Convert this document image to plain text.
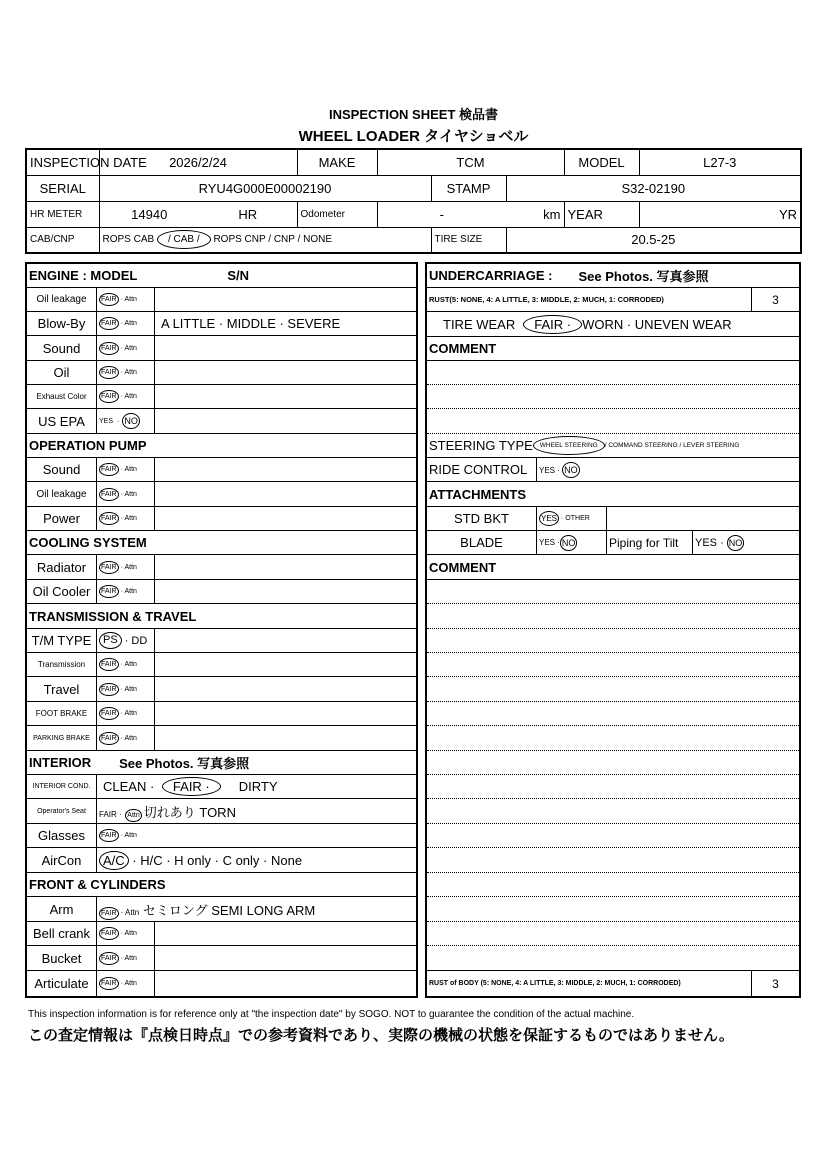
INSPECTION SHEET 検品書
WHEEL LOADER タイヤショベル
INSPECTION DATE	2026/2/24		MAKE	TCM			MODEL	L27-3
SERIAL	RYU4G000E00002190				STAMP	S32-02190		
HR METER	14940	HR	Odometer	-		km	YEAR	YR
CAB/CNP	ROPS CAB / CAB / ROPS CNP / CNP / NONE				TIRE SIZE	20.5-25		
ENGINE : MODEL	S/N
Oil leakage	FAIR · Attn
Blow-By	FAIR · Attn	A LITTLE · MIDDLE · SEVERE
Sound	FAIR · Attn
Oil	FAIR · Attn
Exhaust Color	FAIR · Attn
US EPA	YES · NO
OPERATION PUMP
Sound	FAIR · Attn
Oil leakage	FAIR · Attn
Power	FAIR · Attn
COOLING SYSTEM
Radiator	FAIR · Attn
Oil Cooler	FAIR · Attn
TRANSMISSION & TRAVEL
T/M TYPE	PS · DD
Transmission	FAIR · Attn
Travel	FAIR · Attn
FOOT BRAKE	FAIR · Attn
PARKING BRAKE	FAIR · Attn
INTERIOR See Photos. 写真参照
INTERIOR COND. CLEAN · FAIR · DIRTY
Operator's Seat	FAIR · Attn 切れあり TORN
Glasses	FAIR · Attn
AirCon	A/C · H/C · H only · C only · None
FRONT & CYLINDERS
Arm	FAIR · Attn セミロング SEMI LONG ARM
Bell crank	FAIR · Attn
Bucket	FAIR · Attn
Articulate	FAIR · Attn
UNDERCARRIAGE : See Photos. 写真参照
RUST(5: NONE, 4: A LITTLE, 3: MIDDLE, 2: MUCH, 1: CORRODED)	3
TIRE WEAR	FAIR · WORN · UNEVEN WEAR
COMMENT
STEERING TYPE	WHEEL STEERING	/ COMMAND STEERING / LEVER STEERING
RIDE CONTROL	YES · NO
ATTACHMENTS
STD BKT	YES · OTHER
BLADE	YES · NO	Piping for Tilt	YES · NO
COMMENT
RUST of BODY (5: NONE, 4: A LITTLE, 3: MIDDLE, 2: MUCH, 1: CORRODED)	3
This inspection information is for reference only at "the inspection date" by SOGO. NOT to guarantee the condition of the actual machine.
この査定情報は『点検日時点』での参考資料であり、実際の機械の状態を保証するものではありません。
